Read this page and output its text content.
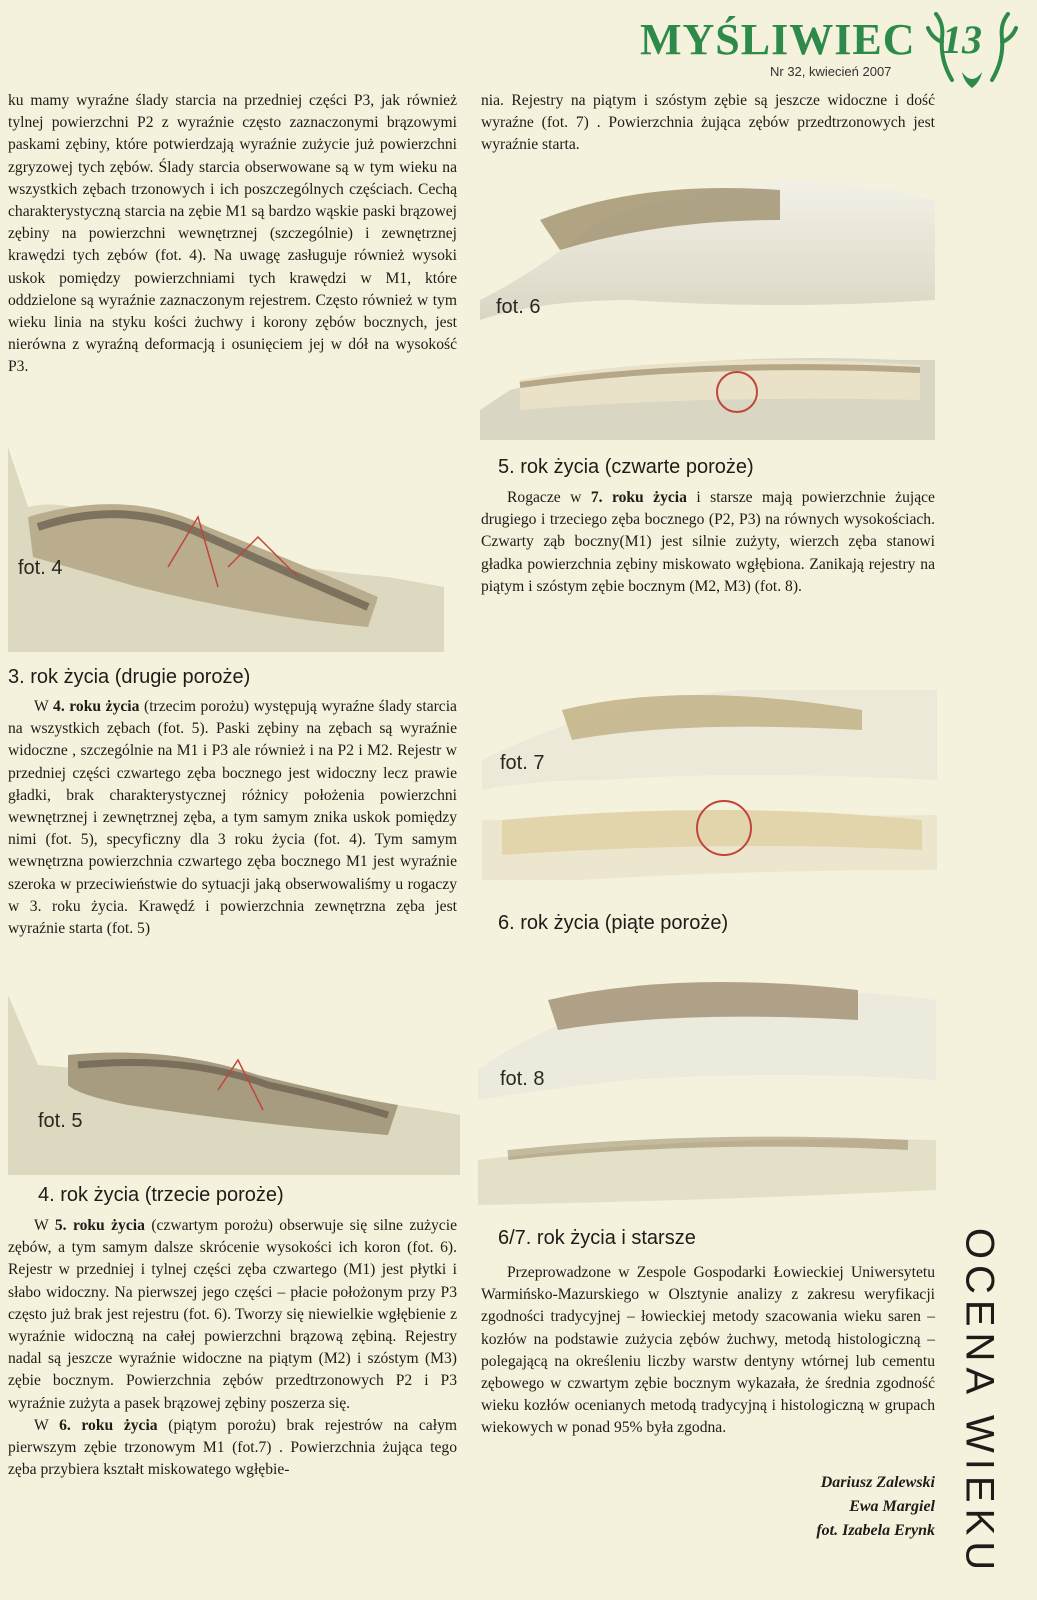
MYŚLIWIEC
Nr 32, kwiecień 2007
13

ku mamy wyraźne ślady starcia na przedniej części P3, jak również tylnej powierzchni P2 z wyraźnie często zaznaczonymi brązowymi paskami zębiny, które potwierdzają wyraźnie zużycie już powierzchni zgryzowej tych zębów. Ślady starcia obserwowane są w tym wieku na wszystkich zębach trzonowych i ich poszczególnych częściach. Cechą charakterystyczną starcia na zębie M1 są bardzo wąskie paski brązowej zębiny na powierzchni wewnętrznej (szczególnie) i zewnętrznej krawędzi tych zębów (fot. 4). Na uwagę zasługuje również wysoki uskok pomiędzy powierzchniami tych krawędzi w M1, które oddzielone są wyraźnie zaznaczonym rejestrem. Często również w tym wieku linia na styku kości żuchwy i korony zębów bocznych, jest nierówna z wyraźną deformacją i osunięciem jej w dół na wysokość P3.

nia. Rejestry na piątym i szóstym zębie są jeszcze widoczne i dość wyraźne (fot. 7) . Powierzchnia żująca zębów przedtrzonowych jest wyraźnie starta.

fot. 6
fot. 4
5. rok życia (czwarte poroże)

Rogacze w 7. roku życia i starsze mają powierzchnie żujące drugiego i trzeciego zęba bocznego (P2, P3) na równych wysokościach. Czwarty ząb boczny(M1) jest silnie zużyty, wierzch zęba stanowi gładka powierzchnia zębiny miskowato wgłębiona. Zanikają rejestry na piątym i szóstym zębie bocznym (M2, M3) (fot. 8).

3. rok życia (drugie poroże)

W 4. roku życia (trzecim porożu) występują wyraźne ślady starcia na wszystkich zębach (fot. 5). Paski zębiny na zębach są wyraźnie widoczne , szczególnie na M1 i P3 ale również i na P2 i M2. Rejestr w przedniej części czwartego zęba bocznego jest widoczny lecz prawie gładki, brak charakterystycznej różnicy położenia powierzchni wewnętrznej i zewnętrznej zęba, a tym samym znika uskok pomiędzy nimi (fot. 5), specyficzny dla 3 roku życia (fot. 4). Tym samym wewnętrzna powierzchnia czwartego zęba bocznego M1 jest wyraźnie szeroka w przeciwieństwie do sytuacji jaką obserwowaliśmy u rogaczy w 3. roku życia. Krawędź i powierzchnia zewnętrzna zęba jest wyraźnie starta (fot. 5)

fot. 7
6. rok życia (piąte poroże)
fot. 8
fot. 5
4. rok życia (trzecie poroże)

W 5. roku życia (czwartym porożu) obserwuje się silne zużycie zębów, a tym samym dalsze skrócenie wysokości ich koron (fot. 6). Rejestr w przedniej i tylnej części zęba czwartego (M1) jest płytki i słabo widoczny. Na pierwszej jego części – płacie położonym przy P3 często już brak jest rejestru (fot. 6). Tworzy się niewielkie wgłębienie z wyraźnie widoczną na całej powierzchni brązową zębiną. Rejestry nadal są jeszcze wyraźnie widoczne na piątym (M2) i szóstym (M3) zębie bocznym. Powierzchnia zębów przedtrzonowych P2 i P3 wyraźnie zużyta a pasek brązowej zębiny poszerza się.

W 6. roku życia (piątym porożu) brak rejestrów na całym pierwszym zębie trzonowym M1 (fot.7) . Powierzchnia żująca tego zęba przybiera kształt miskowatego wgłębie-

6/7. rok życia i starsze

Przeprowadzone w Zespole Gospodarki Łowieckiej Uniwersytetu Warmińsko-Mazurskiego w Olsztynie analizy z zakresu weryfikacji zgodności tradycyjnej – łowieckiej metody szacowania wieku saren – kozłów na podstawie zużycia zębów żuchwy, metodą histologiczną – polegającą na określeniu liczby warstw dentyny wtórnej lub cementu zębowego w czwartym zębie bocznym wykazała, że średnia zgodność wieku kozłów ocenianych metodą tradycyjną i histologiczną w grupach wiekowych w ponad 95% była zgodna.

Dariusz Zalewski
Ewa Margiel
fot. Izabela Erynk OCENA WIEKU
